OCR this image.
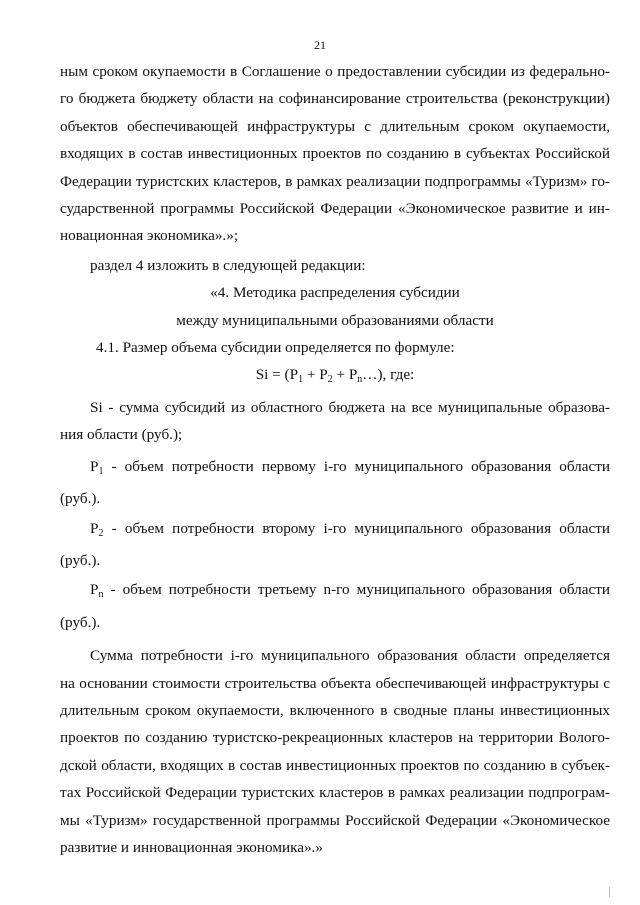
21
ным сроком окупаемости в Соглашение о предоставлении субсидии из федерально-
го бюджета бюджету области на софинансирование строительства (реконструкции)
объектов обеспечивающей инфраструктуры с длительным сроком окупаемости,
входящих в состав инвестиционных проектов по созданию в субъектах Российской
Федерации туристских кластеров, в рамках реализации подпрограммы «Туризм» го-
сударственной программы Российской Федерации «Экономическое развитие и ин-
новационная экономика».»;

раздел 4 изложить в следующей редакции:

«4. Методика распределения субсидии

между муниципальными образованиями области

4.1. Размер объема субсидии определяется по формуле:

$Si = (P_1 + P_2$ + $P_n\dots$), где:

Si - сумма субсидий из областного бюджета на все муниципальные образова-
ния области (руб.);
$P_1$ - объем потребности первому i-го муниципального образования области
(руб.).
$P_2$ - объем потребности второму i-го муниципального образования области
(руб.).
$P_n$ - объем потребности третьему n-го муниципального образования области
(руб.).
Сумма потребности i-го муниципального образования области определяется
на основании стоимости строительства объекта обеспечивающей инфраструктуры с
длительным сроком окупаемости, включенного в сводные планы инвестиционных
проектов по созданию туристско-рекреационных кластеров на территории Волого-
дской области, входящих в состав инвестиционных проектов по созданию в субъек-
тах Российской Федерации туристских кластеров в рамках реализации подпрограм-
мы «Туризм» государственной программы Российской Федерации «Экономическое
развитие и инновационная экономика».»
